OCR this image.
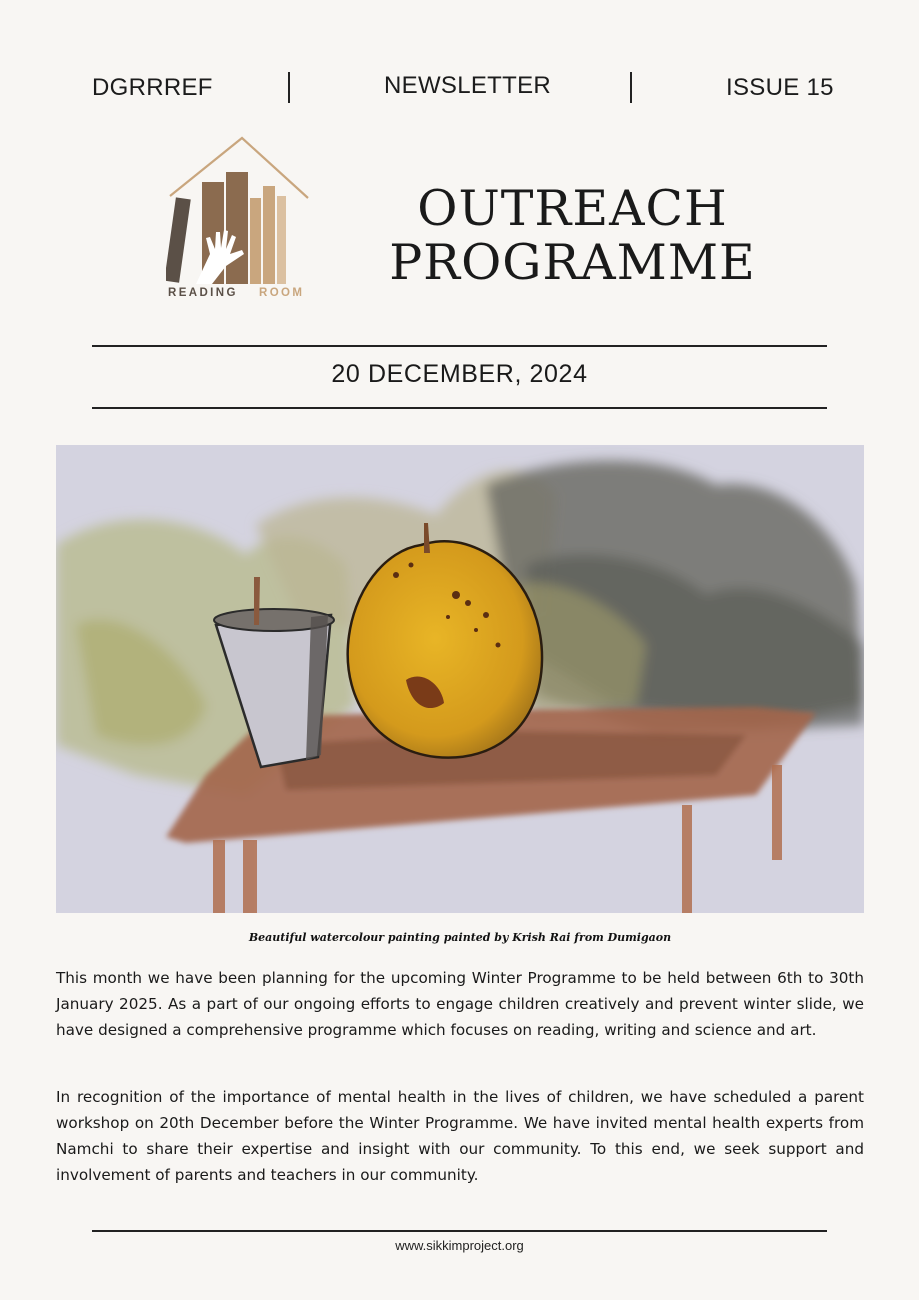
DGRRREF	NEWSLETTER	ISSUE 15
READING ROOM
OUTREACH
PROGRAMME
20 DECEMBER, 2024
Beautiful watercolour painting painted by Krish Rai from Dumigaon

This month we have been planning for the upcoming Winter Programme to be held between 6th to 30th January 2025. As a part of our ongoing efforts to engage children creatively and prevent winter slide, we have designed a comprehensive programme which focuses on reading, writing and science and art.

In recognition of the importance of mental health in the lives of children, we have scheduled a parent workshop on 20th December before the Winter Programme. We have invited mental health experts from Namchi to share their expertise and insight with our community. To this end, we seek support and involvement of parents and teachers in our community.

www.sikkimproject.org
